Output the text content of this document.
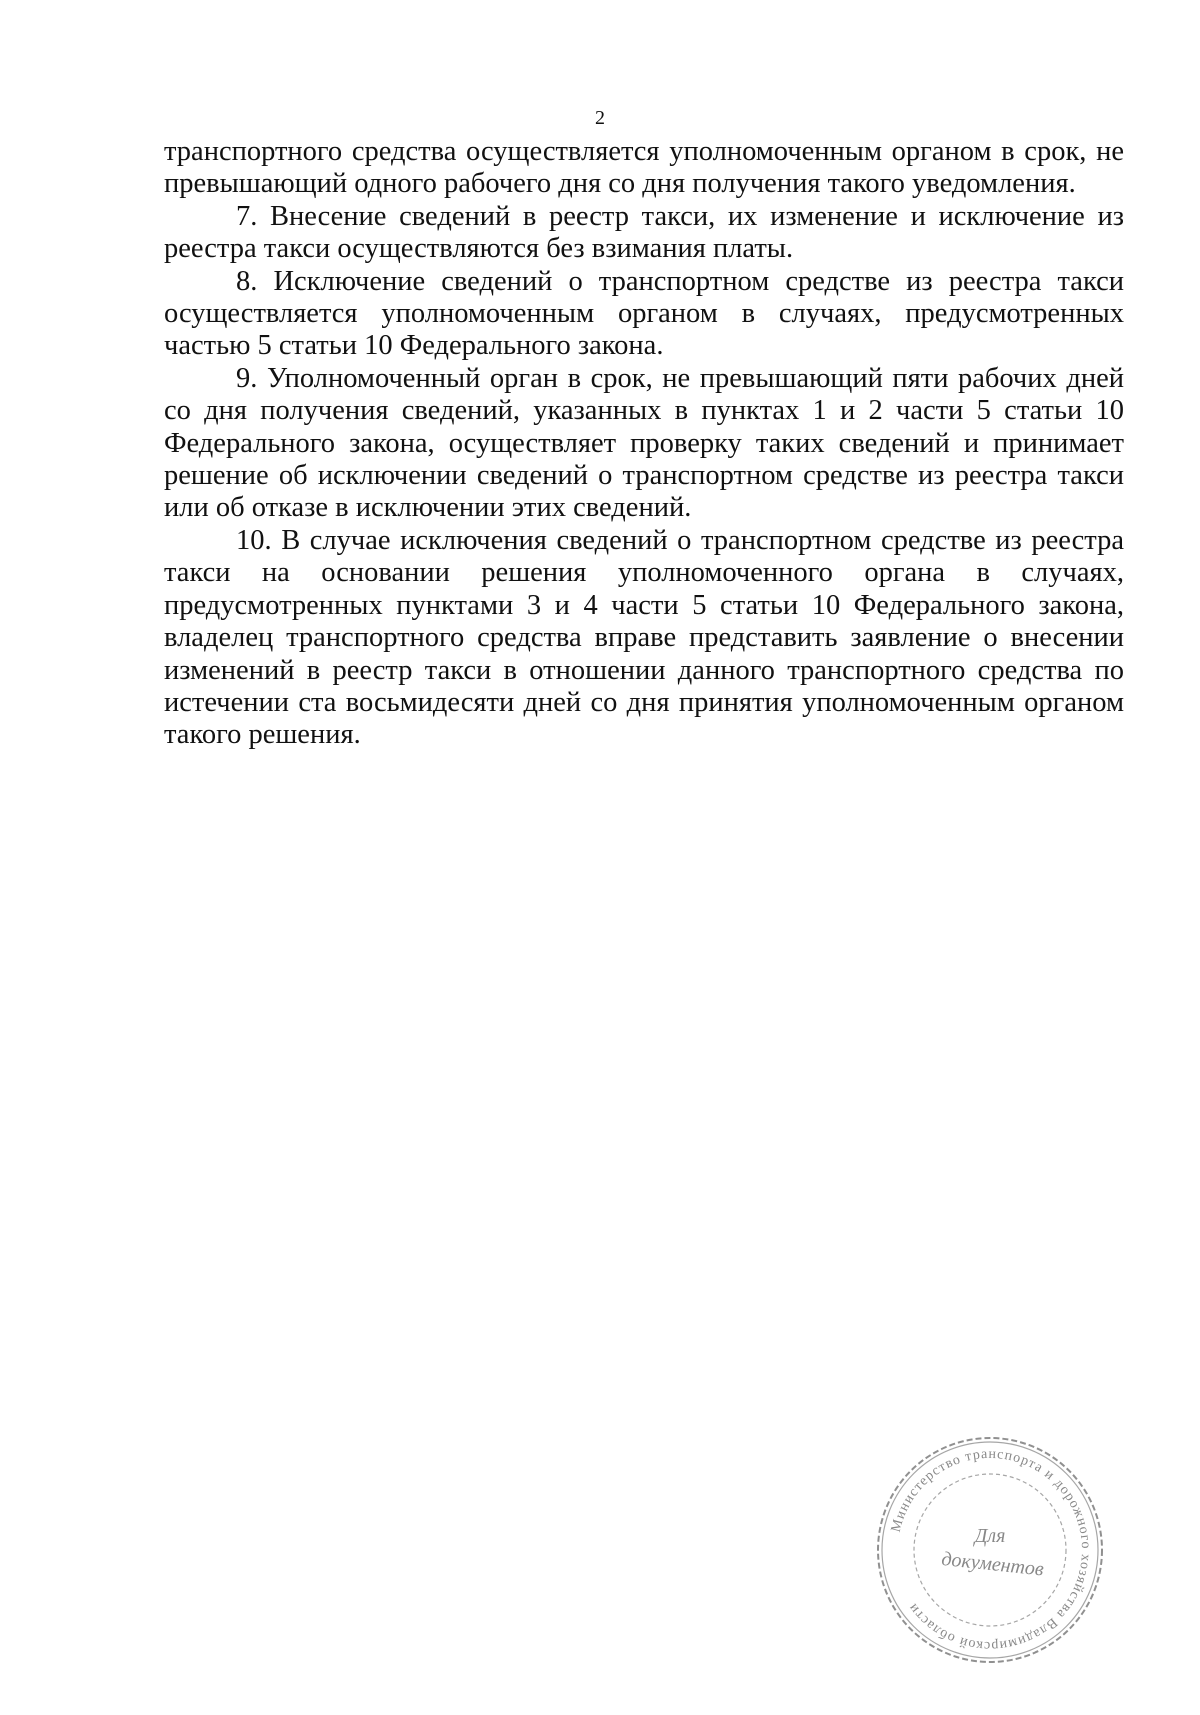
2

транспортного средства осуществляется уполномоченным органом в срок, не превышающий одного рабочего дня со дня получения такого уведомления.

7. Внесение сведений в реестр такси, их изменение и исключение из реестра такси осуществляются без взимания платы.

8. Исключение сведений о транспортном средстве из реестра такси осуществляется уполномоченным органом в случаях, предусмотренных частью 5 статьи 10 Федерального закона.

9. Уполномоченный орган в срок, не превышающий пяти рабочих дней со дня получения сведений, указанных в пунктах 1 и 2 части 5 статьи 10 Федерального закона, осуществляет проверку таких сведений и принимает решение об исключении сведений о транспортном средстве из реестра такси или об отказе в исключении этих сведений.

10. В случае исключения сведений о транспортном средстве из реестра такси на основании решения уполномоченного органа в случаях, предусмотренных пунктами 3 и 4 части 5 статьи 10 Федерального закона, владелец транспортного средства вправе представить заявление о внесении изменений в реестр такси в отношении данного транспортного средства по истечении ста восьмидесяти дней со дня принятия уполномоченным органом такого решения.

Министерство транспорта и дорожного хозяйства Владимирской области
Для
документов
